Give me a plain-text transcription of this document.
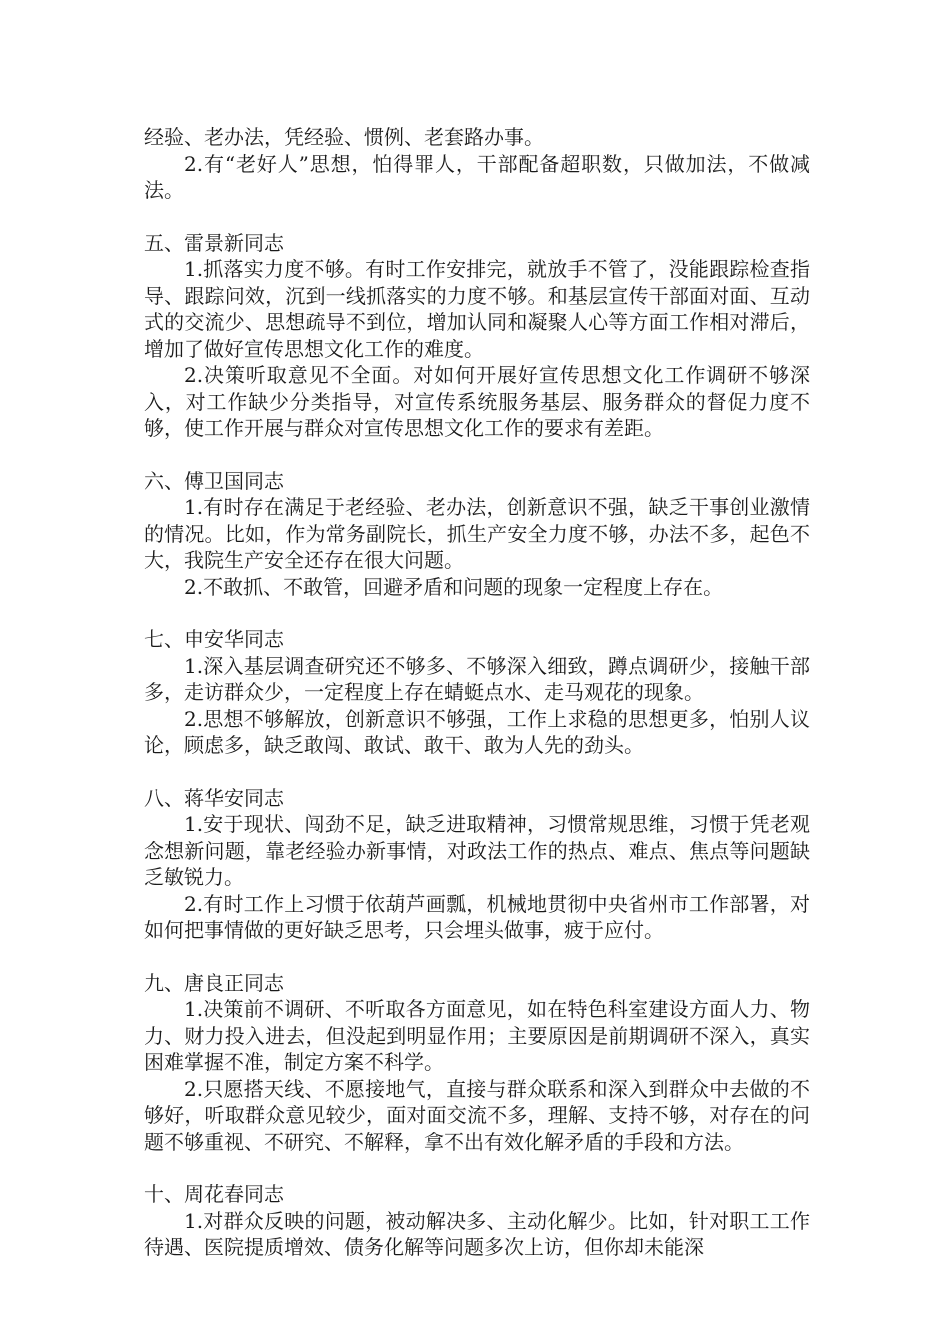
经验、老办法，凭经验、惯例、老套路办事。

2.有“老好人”思想，怕得罪人，干部配备超职数，只做加法，不做减法。

五、雷景新同志

1.抓落实力度不够。有时工作安排完，就放手不管了，没能跟踪检查指导、跟踪问效，沉到一线抓落实的力度不够。和基层宣传干部面对面、互动式的交流少、思想疏导不到位，增加认同和凝聚人心等方面工作相对滞后，增加了做好宣传思想文化工作的难度。

2.决策听取意见不全面。对如何开展好宣传思想文化工作调研不够深入，对工作缺少分类指导，对宣传系统服务基层、服务群众的督促力度不够，使工作开展与群众对宣传思想文化工作的要求有差距。

六、傅卫国同志

1.有时存在满足于老经验、老办法，创新意识不强，缺乏干事创业激情的情况。比如，作为常务副院长，抓生产安全力度不够，办法不多，起色不大，我院生产安全还存在很大问题。

2.不敢抓、不敢管，回避矛盾和问题的现象一定程度上存在。

七、申安华同志

1.深入基层调查研究还不够多、不够深入细致，蹲点调研少，接触干部多，走访群众少，一定程度上存在蜻蜓点水、走马观花的现象。

2.思想不够解放，创新意识不够强，工作上求稳的思想更多，怕别人议论，顾虑多，缺乏敢闯、敢试、敢干、敢为人先的劲头。

八、蒋华安同志

1.安于现状、闯劲不足，缺乏进取精神，习惯常规思维，习惯于凭老观念想新问题，靠老经验办新事情，对政法工作的热点、难点、焦点等问题缺乏敏锐力。

2.有时工作上习惯于依葫芦画瓢，机械地贯彻中央省州市工作部署，对如何把事情做的更好缺乏思考，只会埋头做事，疲于应付。

九、唐良正同志

1.决策前不调研、不听取各方面意见，如在特色科室建设方面人力、物力、财力投入进去，但没起到明显作用；主要原因是前期调研不深入，真实困难掌握不准，制定方案不科学。

2.只愿搭天线、不愿接地气，直接与群众联系和深入到群众中去做的不够好，听取群众意见较少，面对面交流不多，理解、支持不够，对存在的问题不够重视、不研究、不解释，拿不出有效化解矛盾的手段和方法。

十、周花春同志

1.对群众反映的问题，被动解决多、主动化解少。比如，针对职工工作待遇、医院提质增效、债务化解等问题多次上访，但你却未能深
